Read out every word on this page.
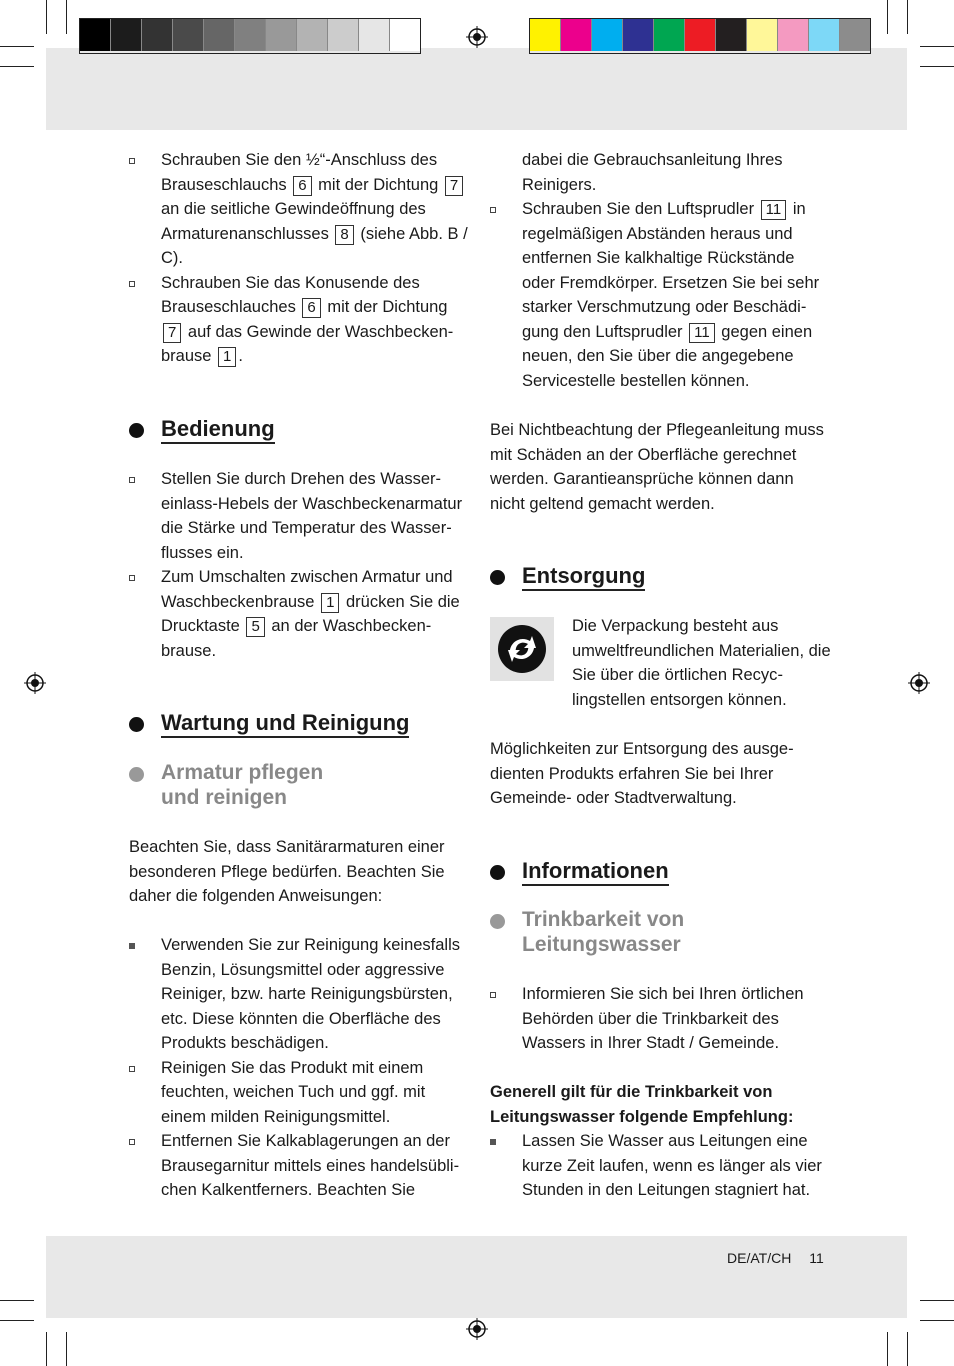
Schrauben Sie den ½“-Anschluss des Brauseschlauchs 6 mit der Dichtung 7 an die seitliche Gewindeöffnung des Armaturenanschlusses 8 (siehe Abb. B / C).
Schrauben Sie das Konusende des Brauseschlauches 6 mit der Dichtung 7 auf das Gewinde der Waschbeckenbrause 1 .
Bedienung
Stellen Sie durch Drehen des Wassereinlass-Hebels der Waschbeckenarmatur die Stärke und Temperatur des Wasserflusses ein.
Zum Umschalten zwischen Armatur und Waschbeckenbrause 1 drücken Sie die Drucktaste 5 an der Waschbeckenbrause.
Wartung und Reinigung
Armatur pflegen
und reinigen

Beachten Sie, dass Sanitärarmaturen einer besonderen Pflege bedürfen. Beachten Sie daher die folgenden Anweisungen:

Verwenden Sie zur Reinigung keinesfalls Benzin, Lösungsmittel oder aggressive Reiniger, bzw. harte Reinigungsbürsten, etc. Diese könnten die Oberfläche des Produkts beschädigen.
Reinigen Sie das Produkt mit einem feuchten, weichen Tuch und ggf. mit einem milden Reinigungsmittel.
Entfernen Sie Kalkablagerungen an der Brausegarnitur mittels eines handelsüblichen Kalkentferners. Beachten Sie

dabei die Gebrauchsanleitung Ihres Reinigers.

Schrauben Sie den Luftsprudler 11 in regelmäßigen Abständen heraus und entfernen Sie kalkhaltige Rückstände oder Fremdkörper. Ersetzen Sie bei sehr starker Verschmutzung oder Beschädigung den Luftsprudler 11 gegen einen neuen, den Sie über die angegebene Servicestelle bestellen können.

Bei Nichtbeachtung der Pflegeanleitung muss mit Schäden an der Oberfläche gerechnet werden. Garantieansprüche können dann nicht geltend gemacht werden.

Entsorgung

Die Verpackung besteht aus umweltfreundlichen Materialien, die Sie über die örtlichen Recyclingstellen entsorgen können.

Möglichkeiten zur Entsorgung des ausgedienten Produkts erfahren Sie bei Ihrer Gemeinde- oder Stadtverwaltung.

Informationen
Trinkbarkeit von
Leitungswasser
Informieren Sie sich bei Ihren örtlichen Behörden über die Trinkbarkeit des Wassers in Ihrer Stadt / Gemeinde.

Generell gilt für die Trinkbarkeit von Leitungswasser folgende Empfehlung:

Lassen Sie Wasser aus Leitungen eine kurze Zeit laufen, wenn es länger als vier Stunden in den Leitungen stagniert hat.
DE/AT/CH 11
